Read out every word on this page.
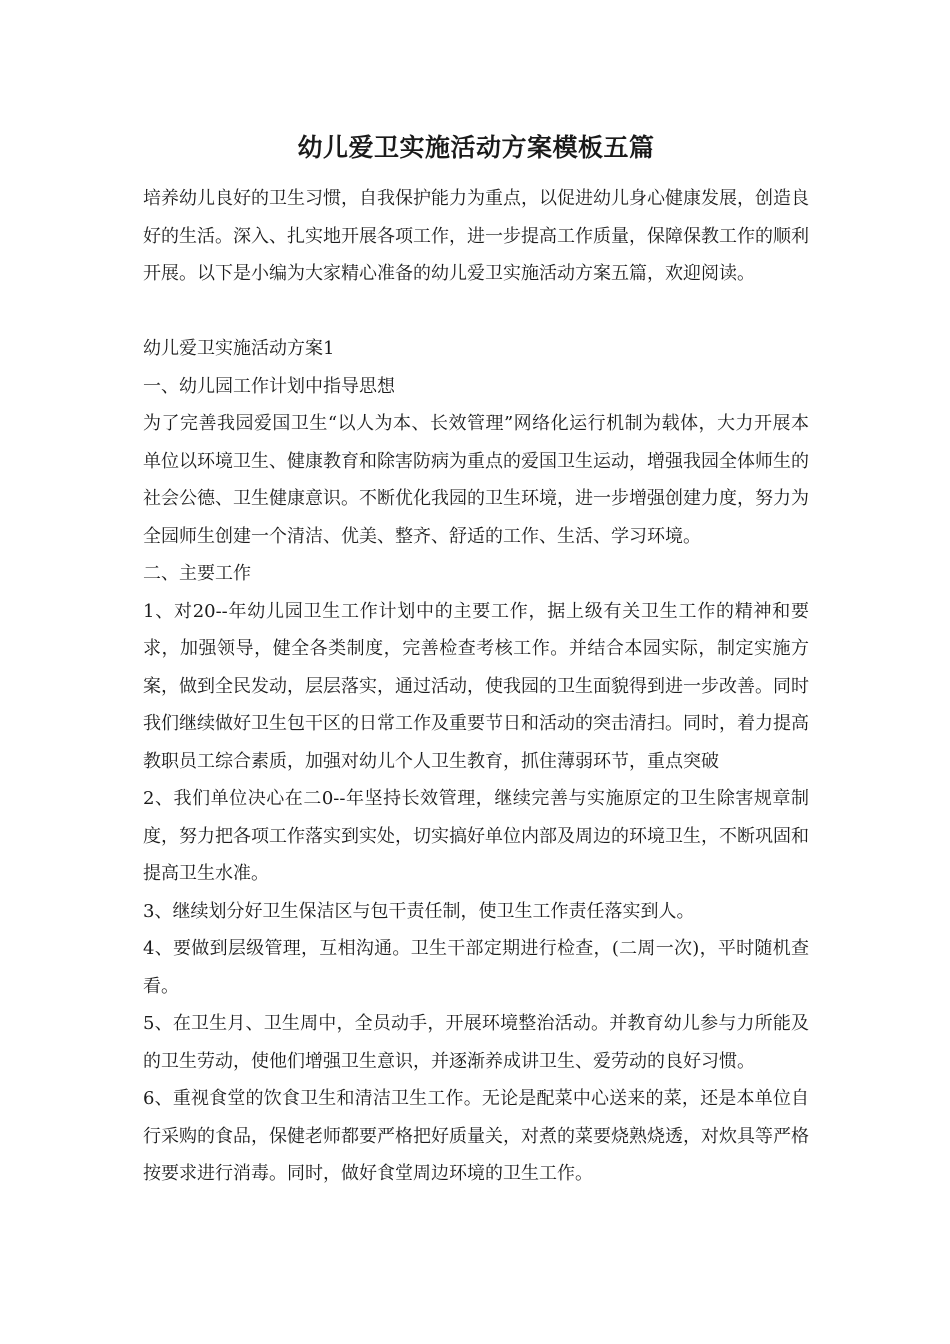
幼儿爱卫实施活动方案模板五篇

培养幼儿良好的卫生习惯，自我保护能力为重点，以促进幼儿身心健康发展，创造良好的生活。深入、扎实地开展各项工作，进一步提高工作质量，保障保教工作的顺利开展。以下是小编为大家精心准备的幼儿爱卫实施活动方案五篇，欢迎阅读。

幼儿爱卫实施活动方案1

一、幼儿园工作计划中指导思想

为了完善我园爱国卫生“以人为本、长效管理”网络化运行机制为载体，大力开展本单位以环境卫生、健康教育和除害防病为重点的爱国卫生运动，增强我园全体师生的社会公德、卫生健康意识。不断优化我园的卫生环境，进一步增强创建力度，努力为全园师生创建一个清洁、优美、整齐、舒适的工作、生活、学习环境。

二、主要工作

1、对20--年幼儿园卫生工作计划中的主要工作，据上级有关卫生工作的精神和要求，加强领导，健全各类制度，完善检查考核工作。并结合本园实际，制定实施方案，做到全民发动，层层落实，通过活动，使我园的卫生面貌得到进一步改善。同时我们继续做好卫生包干区的日常工作及重要节日和活动的突击清扫。同时，着力提高教职员工综合素质，加强对幼儿个人卫生教育，抓住薄弱环节，重点突破

2、我们单位决心在二0--年坚持长效管理，继续完善与实施原定的卫生除害规章制度，努力把各项工作落实到实处，切实搞好单位内部及周边的环境卫生，不断巩固和提高卫生水准。

3、继续划分好卫生保洁区与包干责任制，使卫生工作责任落实到人。

4、要做到层级管理，互相沟通。卫生干部定期进行检查，(二周一次)，平时随机查看。

5、在卫生月、卫生周中，全员动手，开展环境整治活动。并教育幼儿参与力所能及的卫生劳动，使他们增强卫生意识，并逐渐养成讲卫生、爱劳动的良好习惯。

6、重视食堂的饮食卫生和清洁卫生工作。无论是配菜中心送来的菜，还是本单位自行采购的食品，保健老师都要严格把好质量关，对煮的菜要烧熟烧透，对炊具等严格按要求进行消毒。同时，做好食堂周边环境的卫生工作。
